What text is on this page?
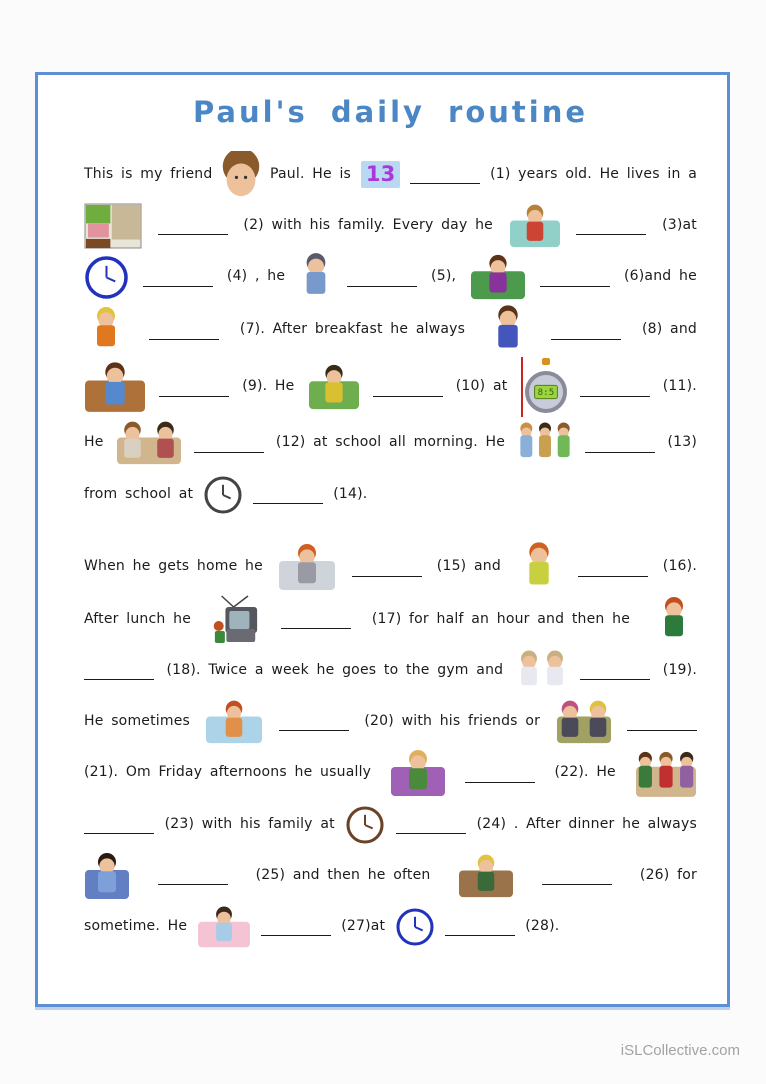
Paul's daily routine
This is my friend	Paul. He is 13	(1) years old. He lives in a
(2) with his family. Every day he	(3)at
(4) , he	(5),	(6)and he
(7). After breakfast he always	(8) and
(9). He	(10) at	8:5	(11).
He	(12) at school all morning. He	(13)
from school at	(14).
When he gets home he	(15) and	(16).
After lunch he	(17) for half an hour and then he
(18). Twice a week he goes to the gym and	(19).
He sometimes	(20) with his friends or
(21). Om Friday afternoons he usually	(22). He
(23) with his family at	(24) . After dinner he always
(25) and then he often	(26) for
sometime. He	(27)at	(28).
iSLCollective.com
